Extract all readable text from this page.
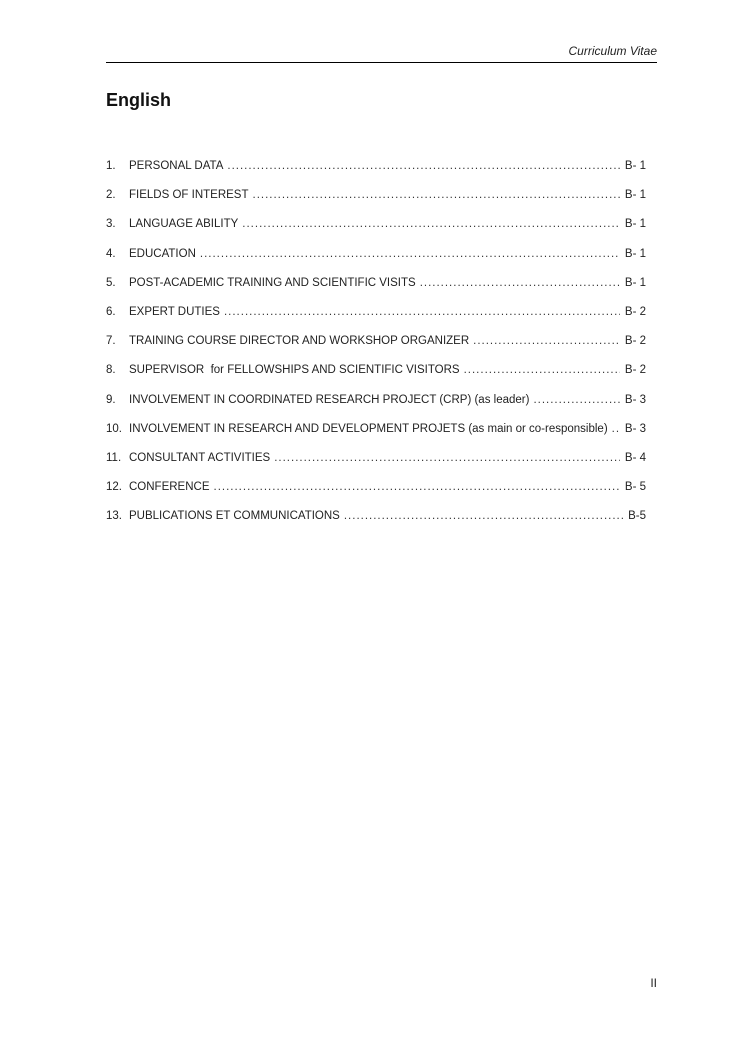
Curriculum Vitae
English
1.	PERSONAL DATA .....	B- 1
2.	FIELDS OF INTEREST .....	B- 1
3.	LANGUAGE ABILITY .....	B- 1
4.	EDUCATION .....	B- 1
5.	POST-ACADEMIC TRAINING AND SCIENTIFIC VISITS .....	B- 1
6.	EXPERT DUTIES .....	B- 2
7.	TRAINING COURSE DIRECTOR AND WORKSHOP ORGANIZER .....	B- 2
8.	SUPERVISOR  for FELLOWSHIPS AND SCIENTIFIC VISITORS .....	B- 2
9.	INVOLVEMENT IN COORDINATED RESEARCH PROJECT (CRP) (as leader) .....	B- 3
10. INVOLVEMENT IN RESEARCH AND DEVELOPMENT PROJETS (as main or co-responsible) ..... B- 3
11. CONSULTANT ACTIVITIES .....	B- 4
12. CONFERENCE .....	B- 5
13. PUBLICATIONS ET COMMUNICATIONS .....	B-5
II
